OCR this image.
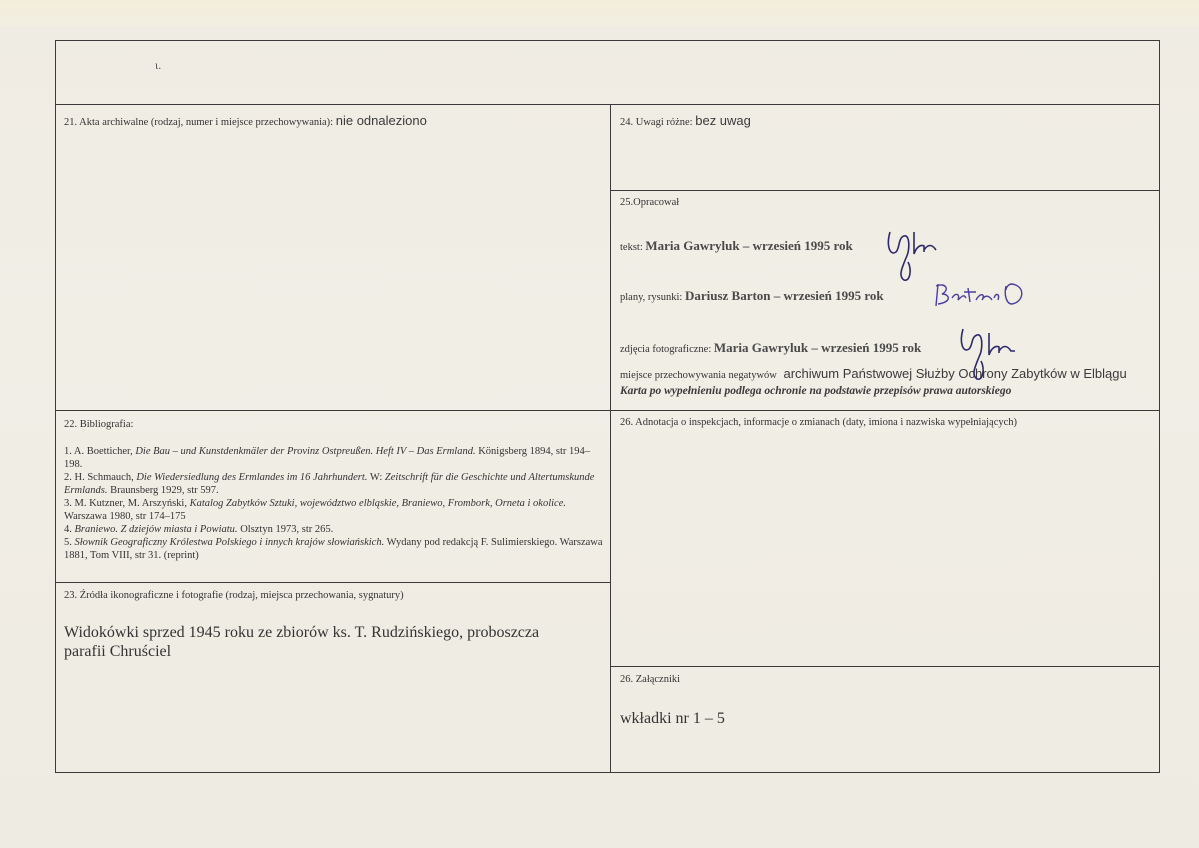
ɩ.
21. Akta archiwalne (rodzaj, numer i miejsce przechowywania): nie odnaleziono	24. Uwagi różne: bez uwag
25.Opracował
tekst: Maria Gawryluk – wrzesień 1995 rok
plany, rysunki: Dariusz Barton – wrzesień 1995 rok
zdjęcia fotograficzne: Maria Gawryluk – wrzesień 1995 rok
miejsce przechowywania negatywów archiwum Państwowej Służby Ochrony Zabytków w Elblągu
Karta po wypełnieniu podlega ochronie na podstawie przepisów prawa autorskiego
22. Bibliografia:

1. A. Boetticher, Die Bau – und Kunstdenkmäler der Provinz Ostpreußen. Heft IV – Das Ermland. Königsberg 1894, str 194–198.

2. H. Schmauch, Die Wiedersiedlung des Ermlandes im 16 Jahrhundert. W: Zeitschrift für die Geschichte und Altertumskunde Ermlands. Braunsberg 1929, str 597.

3. M. Kutzner, M. Arszyński, Katalog Zabytków Sztuki, województwo elbląskie, Braniewo, Frombork, Orneta i okolice. Warszawa 1980, str 174–175

4. Braniewo. Z dziejów miasta i Powiatu. Olsztyn 1973, str 265.

5. Słownik Geograficzny Królestwa Polskiego i innych krajów słowiańskich. Wydany pod redakcją F. Sulimierskiego. Warszawa 1881, Tom VIII, str 31. (reprint)

23. Źródła ikonograficzne i fotografie (rodzaj, miejsca przechowania, sygnatury)
Widokówki sprzed 1945 roku ze zbiorów ks. T. Rudzińskiego, proboszcza
parafii Chruściel
26. Adnotacja o inspekcjach, informacje o zmianach (daty, imiona i nazwiska wypełniających)
26. Załączniki
wkładki nr 1 – 5
